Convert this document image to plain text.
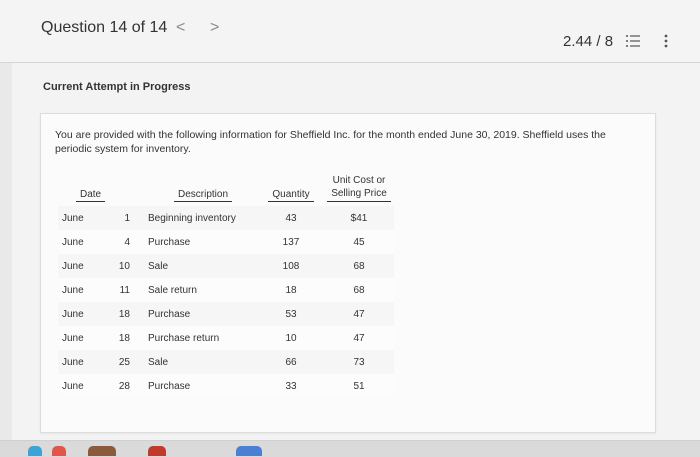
Question 14 of 14 < >
2.44 / 8
Current Attempt in Progress
You are provided with the following information for Sheffield Inc. for the month ended June 30, 2019. Sheffield uses the periodic system for inventory.
Date		Description	Quantity	Unit Cost or
Selling Price
June	1	Beginning inventory	43	$41
June	4	Purchase	137	45
June	10	Sale	108	68
June	11	Sale return	18	68
June	18	Purchase	53	47
June	18	Purchase return	10	47
June	25	Sale	66	73
June	28	Purchase	33	51
